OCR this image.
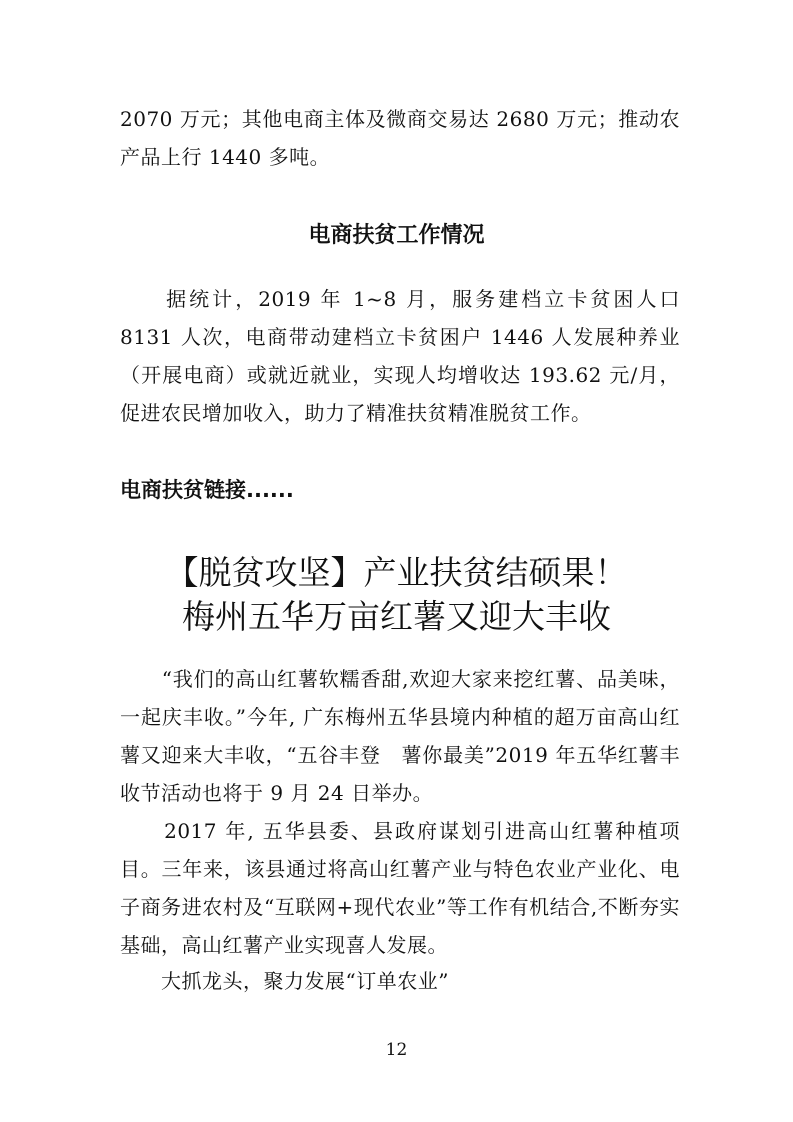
2070 万元；其他电商主体及微商交易达 2680 万元；推动农产品上行 1440 多吨。

电商扶贫工作情况

　　据统计，2019 年 1~8 月，服务建档立卡贫困人口 8131 人次，电商带动建档立卡贫困户 1446 人发展种养业（开展电商）或就近就业，实现人均增收达 193.62 元/月，促进农民增加收入，助力了精准扶贫精准脱贫工作。

电商扶贫链接......
【脱贫攻坚】产业扶贫结硕果！
梅州五华万亩红薯又迎大丰收

　　“我们的高山红薯软糯香甜,欢迎大家来挖红薯、品美味，一起庆丰收。”今年, 广东梅州五华县境内种植的超万亩高山红薯又迎来大丰收，“五谷丰登　薯你最美”2019 年五华红薯丰收节活动也将于 9 月 24 日举办。

　　2017 年, 五华县委、县政府谋划引进高山红薯种植项目。三年来，该县通过将高山红薯产业与特色农业产业化、电子商务进农村及“互联网+现代农业”等工作有机结合,不断夯实基础，高山红薯产业实现喜人发展。

　　大抓龙头，聚力发展“订单农业”

12
